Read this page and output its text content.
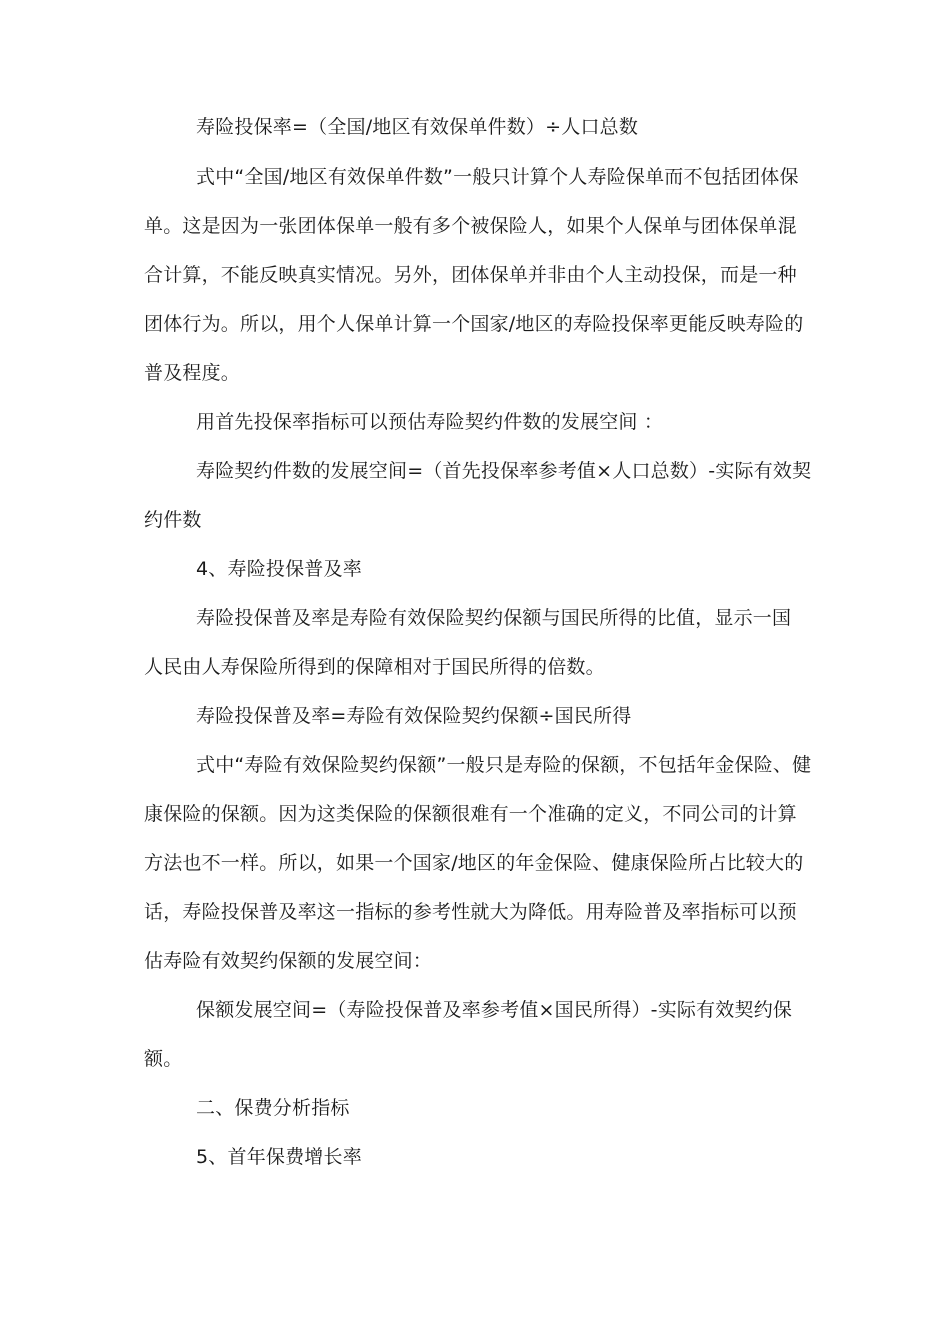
寿险投保率=（全国/地区有效保单件数）÷人口总数
式中“全国/地区有效保单件数”一般只计算个人寿险保单而不包括团体保
单。这是因为一张团体保单一般有多个被保险人，如果个人保单与团体保单混
合计算，不能反映真实情况。另外，团体保单并非由个人主动投保，而是一种
团体行为。所以，用个人保单计算一个国家/地区的寿险投保率更能反映寿险的
普及程度。
用首先投保率指标可以预估寿险契约件数的发展空间 ：
寿险契约件数的发展空间=（首先投保率参考值×人口总数）-实际有效契
约件数
4、寿险投保普及率
寿险投保普及率是寿险有效保险契约保额与国民所得的比值，显示一国
人民由人寿保险所得到的保障相对于国民所得的倍数。
寿险投保普及率=寿险有效保险契约保额÷国民所得
式中“寿险有效保险契约保额”一般只是寿险的保额，不包括年金保险、健
康保险的保额。因为这类保险的保额很难有一个准确的定义，不同公司的计算
方法也不一样。所以，如果一个国家/地区的年金保险、健康保险所占比较大的
话，寿险投保普及率这一指标的参考性就大为降低。用寿险普及率指标可以预
估寿险有效契约保额的发展空间：
保额发展空间=（寿险投保普及率参考值×国民所得）-实际有效契约保
额。
二、保费分析指标
5、首年保费增长率
